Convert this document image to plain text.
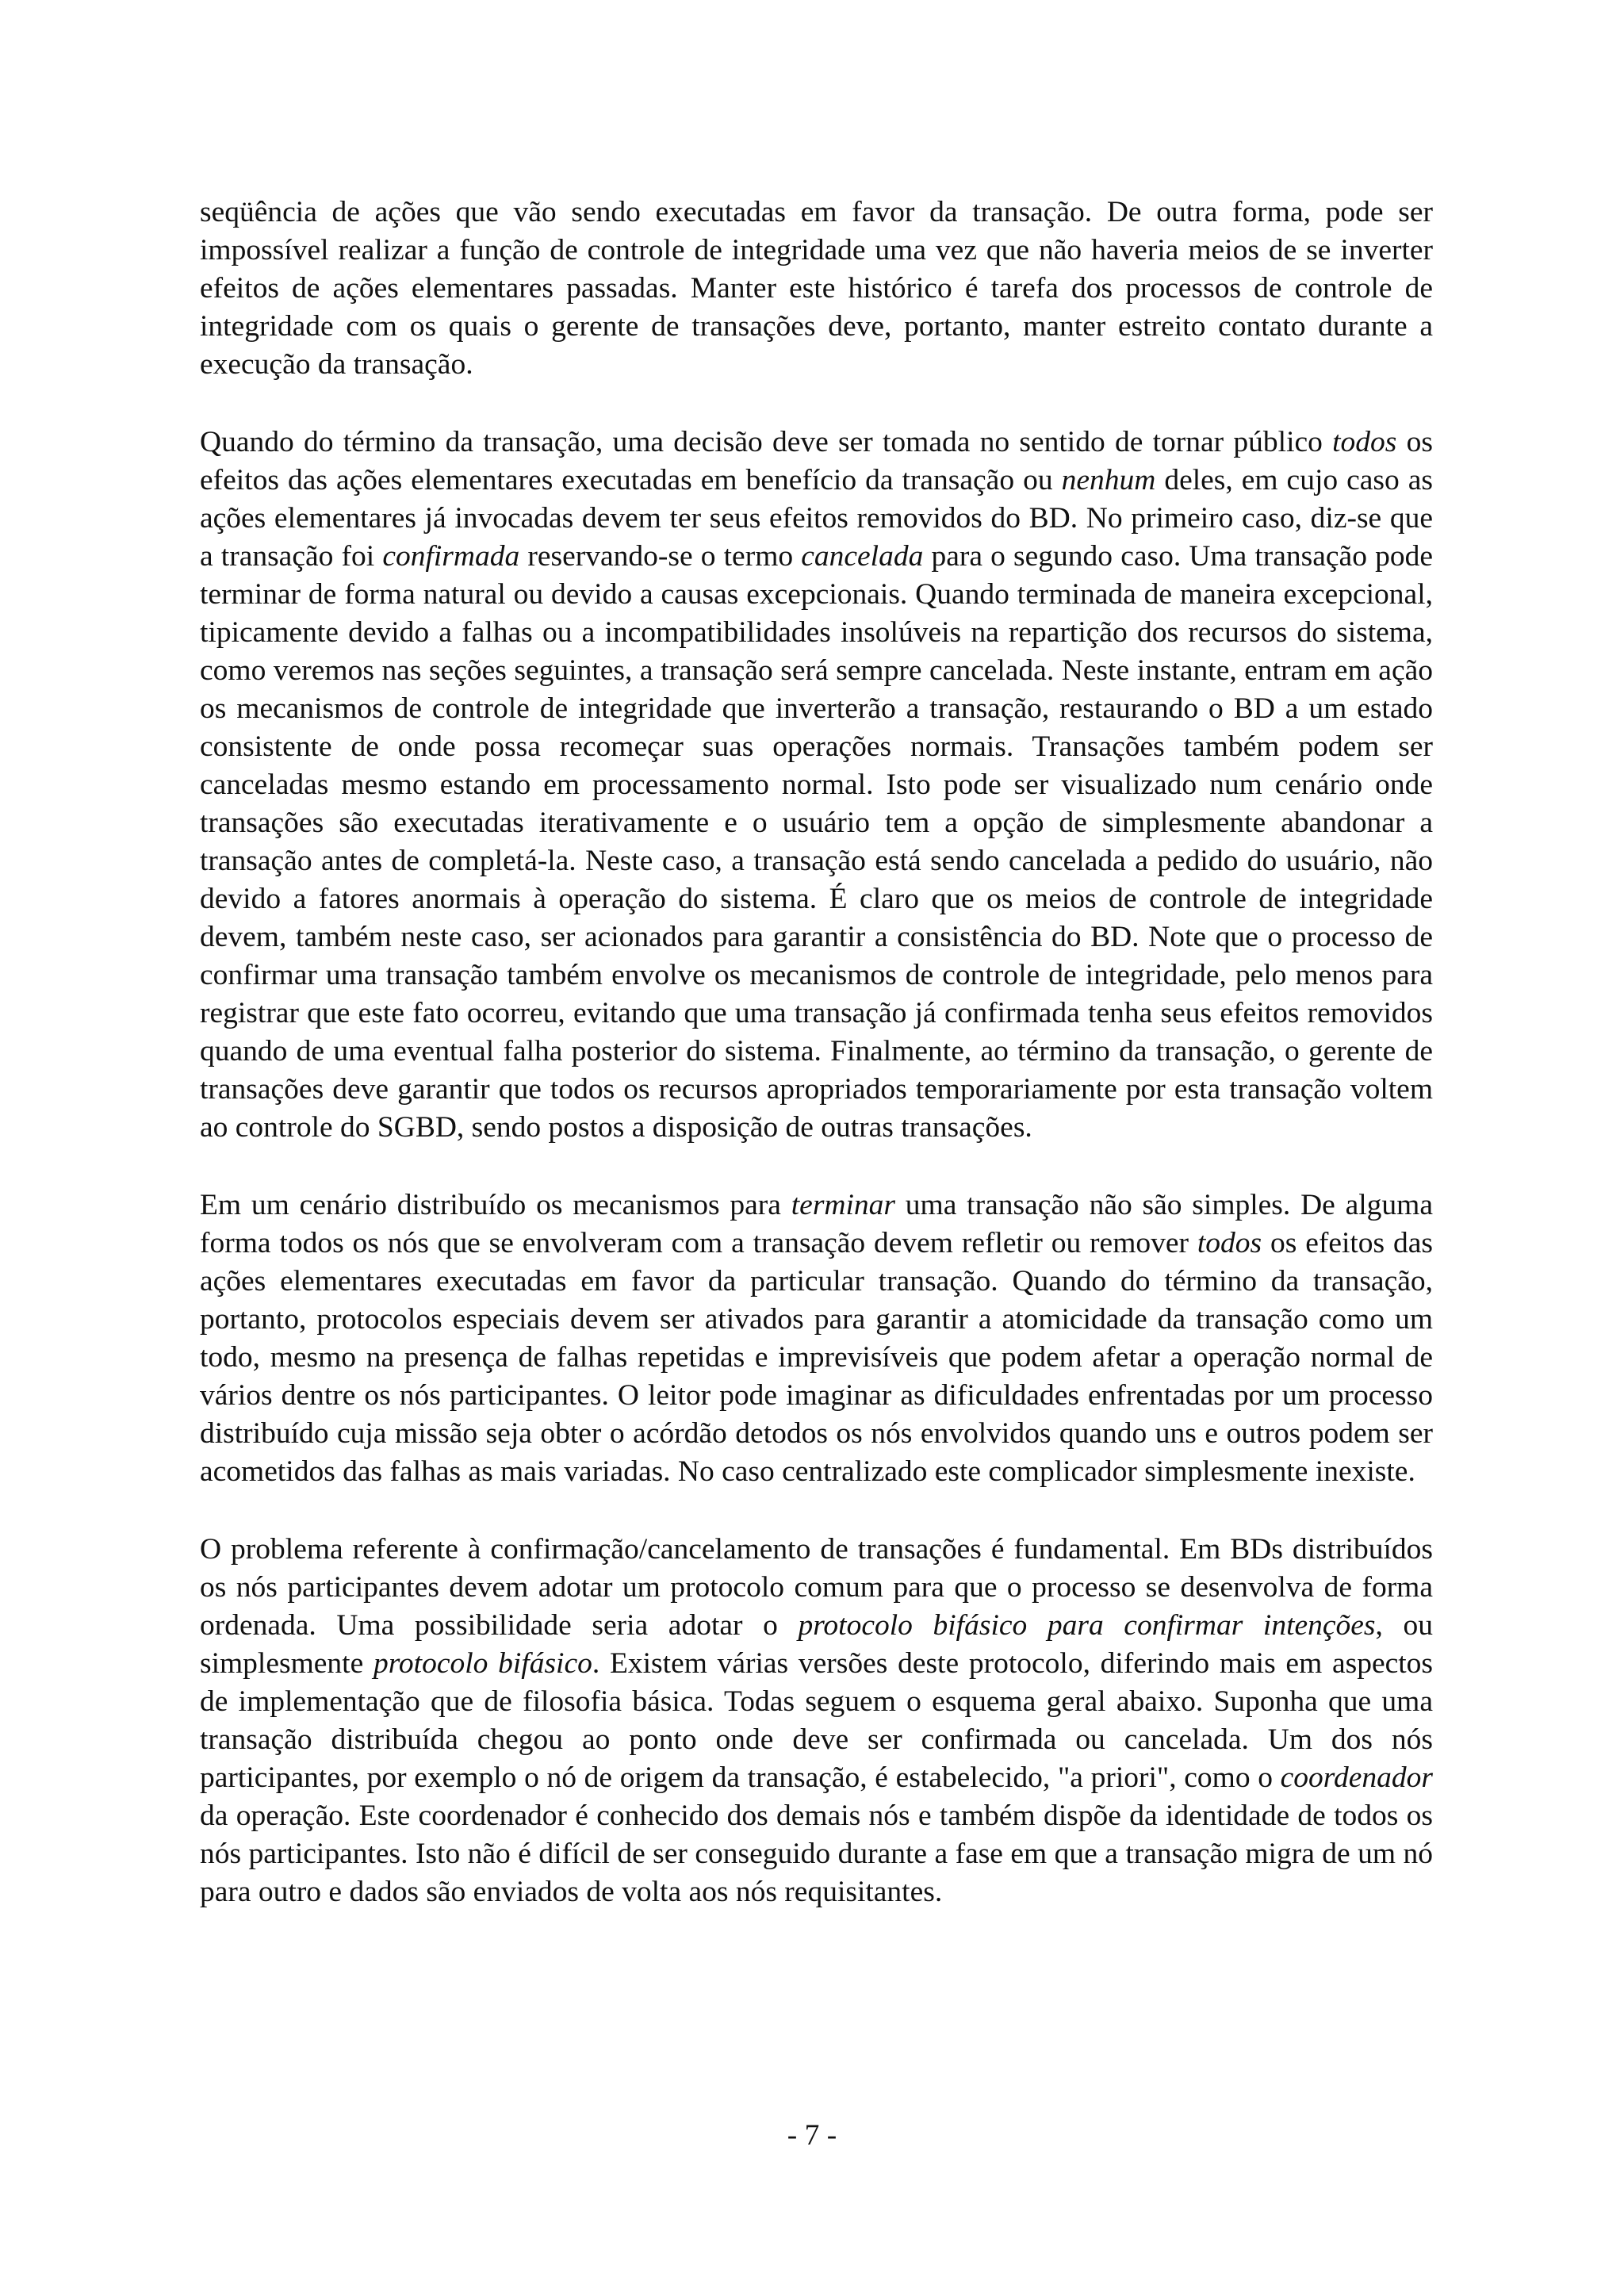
seqüência de ações que vão sendo executadas em favor da transação. De outra forma, pode ser impossível realizar a função de controle de integridade uma vez que não haveria meios de se inverter efeitos de ações elementares passadas. Manter este histórico é tarefa dos processos de controle de integridade com os quais o gerente de transações deve, portanto, manter estreito contato durante a execução da transação.

Quando do término da transação, uma decisão deve ser tomada no sentido de tornar público todos os efeitos das ações elementares executadas em benefício da transação ou nenhum deles, em cujo caso as ações elementares já invocadas devem ter seus efeitos removidos do BD. No primeiro caso, diz-se que a transação foi confirmada reservando-se o termo cancelada para o segundo caso. Uma transação pode terminar de forma natural ou devido a causas excepcionais. Quando terminada de maneira excepcional, tipicamente devido a falhas ou a incompatibilidades insolúveis na repartição dos recursos do sistema, como veremos nas seções seguintes, a transação será sempre cancelada. Neste instante, entram em ação os mecanismos de controle de integridade que inverterão a transação, restaurando o BD a um estado consistente de onde possa recomeçar suas operações normais. Transações também podem ser canceladas mesmo estando em processamento normal. Isto pode ser visualizado num cenário onde transações são executadas iterativamente e o usuário tem a opção de simplesmente abandonar a transação antes de completá-la. Neste caso, a transação está sendo cancelada a pedido do usuário, não devido a fatores anormais à operação do sistema. É claro que os meios de controle de integridade devem, também neste caso, ser acionados para garantir a consistência do BD. Note que o processo de confirmar uma transação também envolve os mecanismos de controle de integridade, pelo menos para registrar que este fato ocorreu, evitando que uma transação já confirmada tenha seus efeitos removidos quando de uma eventual falha posterior do sistema. Finalmente, ao término da transação, o gerente de transações deve garantir que todos os recursos apropriados temporariamente por esta transação voltem ao controle do SGBD, sendo postos a disposição de outras transações.

Em um cenário distribuído os mecanismos para terminar uma transação não são simples. De alguma forma todos os nós que se envolveram com a transação devem refletir ou remover todos os efeitos das ações elementares executadas em favor da particular transação. Quando do término da transação, portanto, protocolos especiais devem ser ativados para garantir a atomicidade da transação como um todo, mesmo na presença de falhas repetidas e imprevisíveis que podem afetar a operação normal de vários dentre os nós participantes. O leitor pode imaginar as dificuldades enfrentadas por um processo distribuído cuja missão seja obter o acórdão detodos os nós envolvidos quando uns e outros podem ser acometidos das falhas as mais variadas. No caso centralizado este complicador simplesmente inexiste.

O problema referente à confirmação/cancelamento de transações é fundamental. Em BDs distribuídos os nós participantes devem adotar um protocolo comum para que o processo se desenvolva de forma ordenada. Uma possibilidade seria adotar o protocolo bifásico para confirmar intenções, ou simplesmente protocolo bifásico. Existem várias versões deste protocolo, diferindo mais em aspectos de implementação que de filosofia básica. Todas seguem o esquema geral abaixo. Suponha que uma transação distribuída chegou ao ponto onde deve ser confirmada ou cancelada. Um dos nós participantes, por exemplo o nó de origem da transação, é estabelecido, "a priori", como o coordenador da operação. Este coordenador é conhecido dos demais nós e também dispõe da identidade de todos os nós participantes. Isto não é difícil de ser conseguido durante a fase em que a transação migra de um nó para outro e dados são enviados de volta aos nós requisitantes.

- 7 -
